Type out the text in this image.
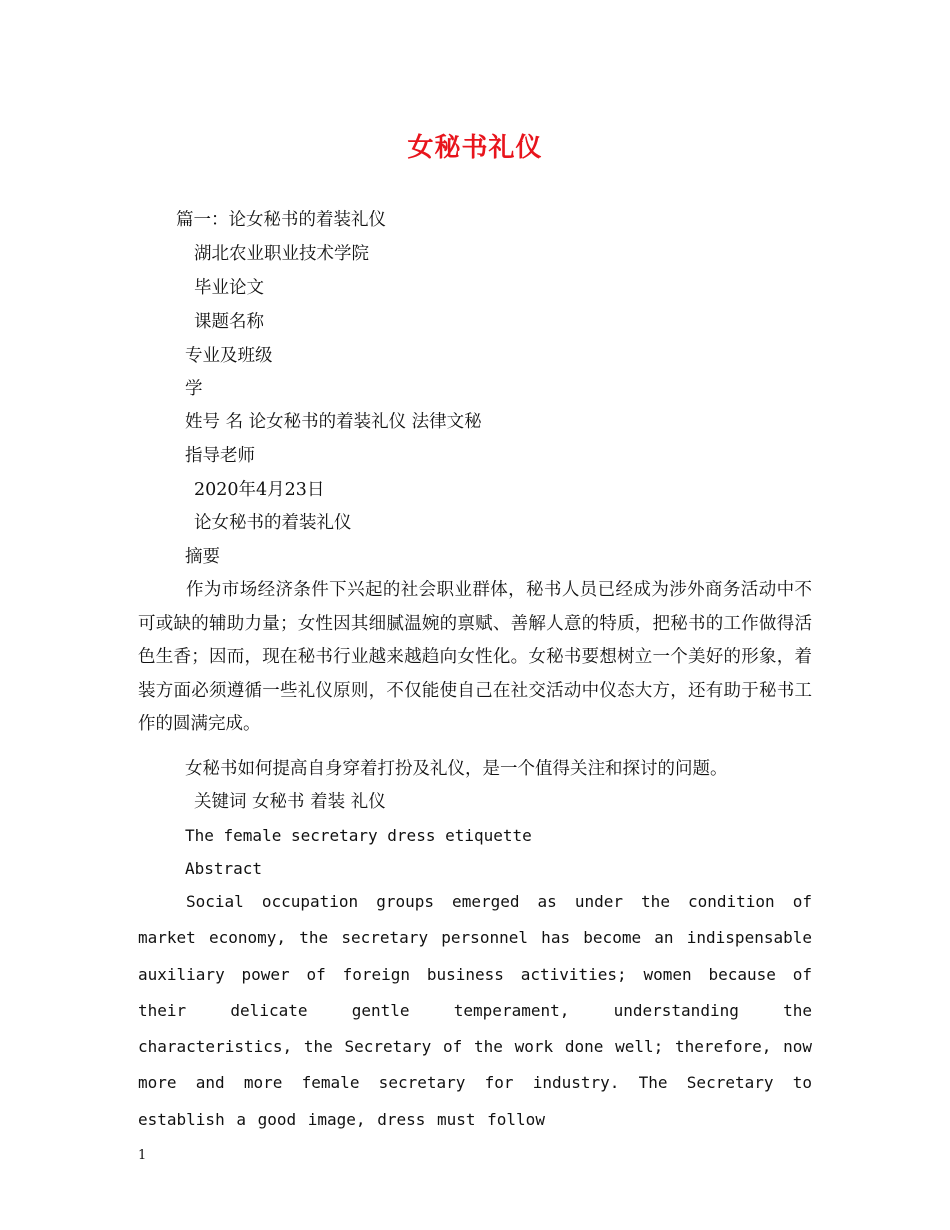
女秘书礼仪
篇一：论女秘书的着装礼仪
湖北农业职业技术学院
毕业论文
课题名称
专业及班级
学
姓号 名 论女秘书的着装礼仪 法律文秘
指导老师
2020年4月23日
论女秘书的着装礼仪
摘要
作为市场经济条件下兴起的社会职业群体，秘书人员已经成为涉外商务活动中不可或缺的辅助力量；女性因其细腻温婉的禀赋、善解人意的特质，把秘书的工作做得活色生香；因而，现在秘书行业越来越趋向女性化。女秘书要想树立一个美好的形象，着装方面必须遵循一些礼仪原则，不仅能使自己在社交活动中仪态大方，还有助于秘书工作的圆满完成。
女秘书如何提高自身穿着打扮及礼仪，是一个值得关注和探讨的问题。
关键词 女秘书 着装 礼仪
The female secretary dress etiquette
Abstract
Social occupation groups emerged as under the condition of market economy, the secretary personnel has become an indispensable auxiliary power of foreign business activities; women because of their delicate gentle temperament, understanding the characteristics, the Secretary of the work done well; therefore, now more and more female secretary for industry. The Secretary to establish a good image, dress must follow
1
